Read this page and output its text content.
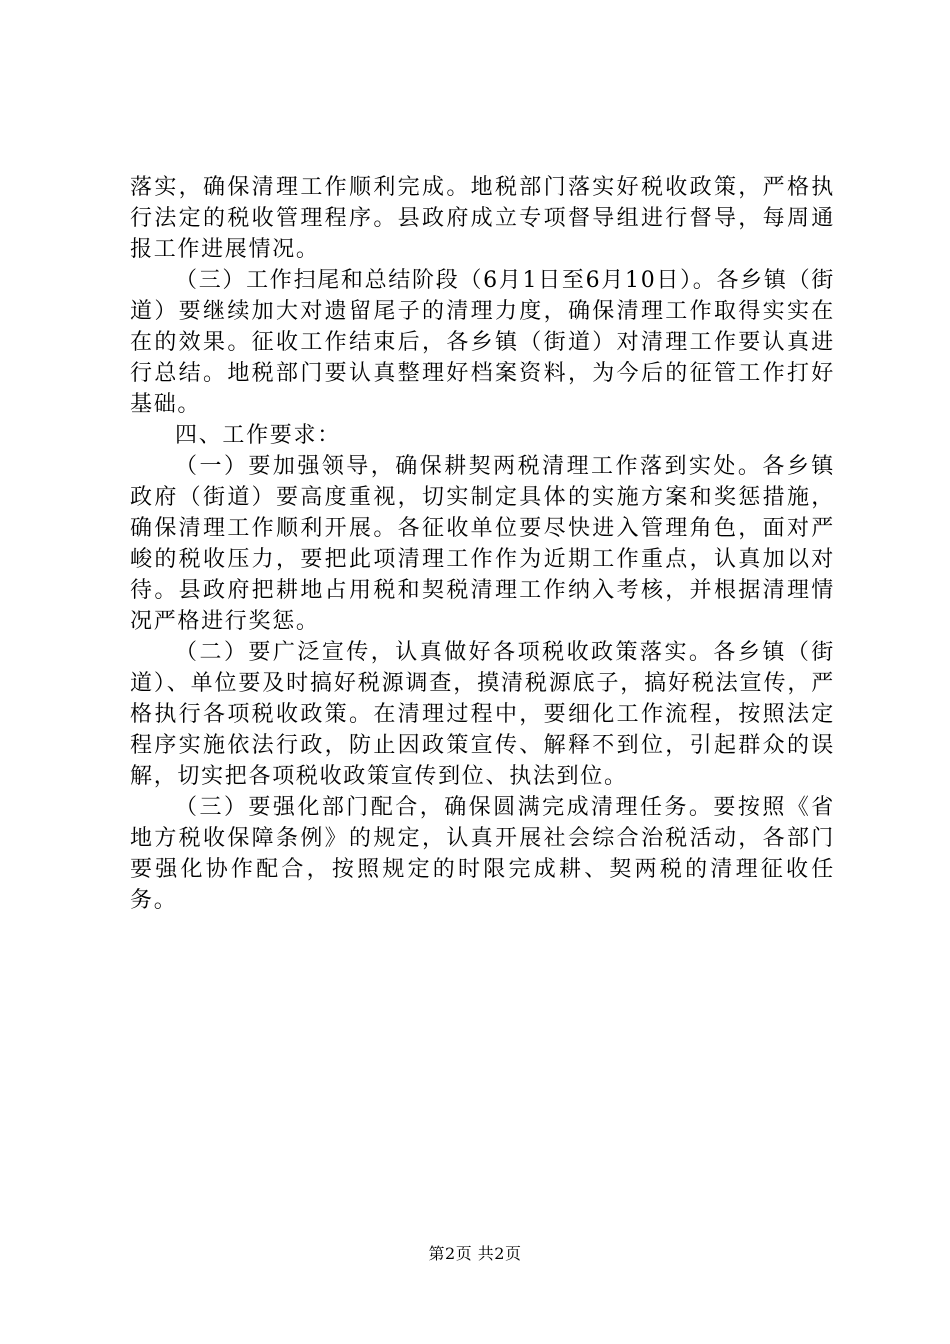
落实，确保清理工作顺利完成。地税部门落实好税收政策，严格执行法定的税收管理程序。县政府成立专项督导组进行督导，每周通报工作进展情况。

（三）工作扫尾和总结阶段（6月1日至6月10日）。各乡镇（街道）要继续加大对遗留尾子的清理力度，确保清理工作取得实实在在的效果。征收工作结束后，各乡镇（街道）对清理工作要认真进行总结。地税部门要认真整理好档案资料，为今后的征管工作打好基础。

四、工作要求：

（一）要加强领导，确保耕契两税清理工作落到实处。各乡镇政府（街道）要高度重视，切实制定具体的实施方案和奖惩措施，确保清理工作顺利开展。各征收单位要尽快进入管理角色，面对严峻的税收压力，要把此项清理工作作为近期工作重点，认真加以对待。县政府把耕地占用税和契税清理工作纳入考核，并根据清理情况严格进行奖惩。

（二）要广泛宣传，认真做好各项税收政策落实。各乡镇（街道）、单位要及时搞好税源调查，摸清税源底子，搞好税法宣传，严格执行各项税收政策。在清理过程中，要细化工作流程，按照法定程序实施依法行政，防止因政策宣传、解释不到位，引起群众的误解，切实把各项税收政策宣传到位、执法到位。

（三）要强化部门配合，确保圆满完成清理任务。要按照《省地方税收保障条例》的规定，认真开展社会综合治税活动，各部门要强化协作配合，按照规定的时限完成耕、契两税的清理征收任务。

第2页 共2页
